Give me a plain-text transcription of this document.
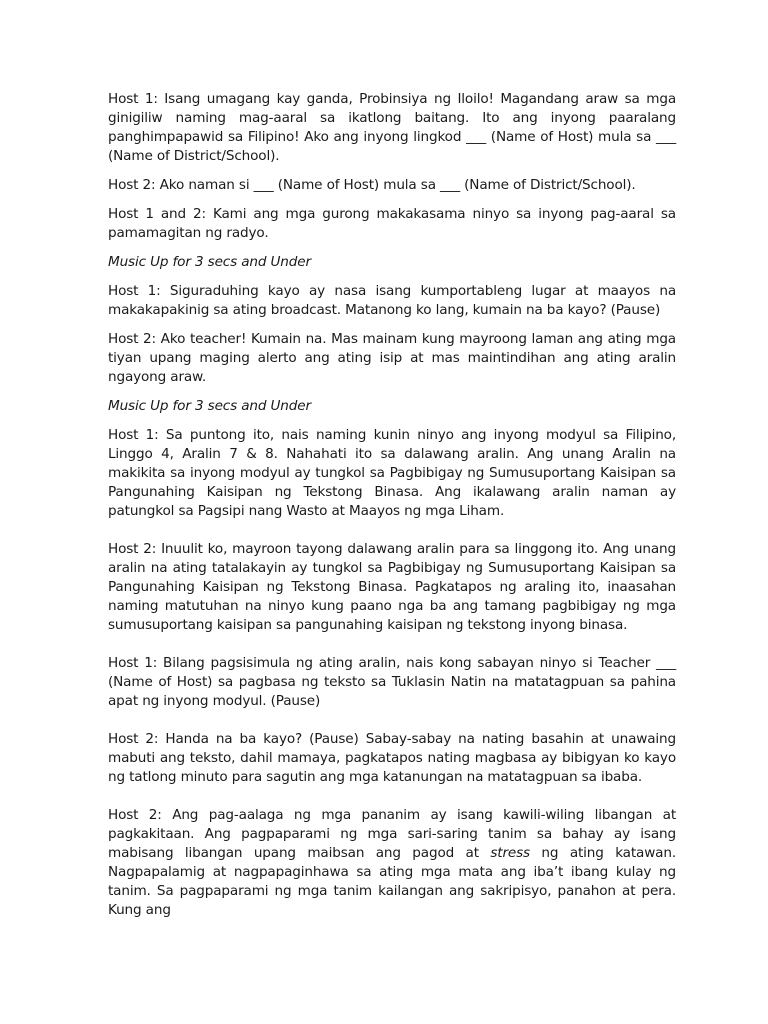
Host 1: Isang umagang kay ganda, Probinsiya ng Iloilo! Magandang araw sa mga ginigiliw naming mag-aaral sa ikatlong baitang. Ito ang inyong paaralang panghimpapawid sa Filipino! Ako ang inyong lingkod ___ (Name of Host) mula sa ___ (Name of District/School).

Host 2: Ako naman si ___ (Name of Host) mula sa ___ (Name of District/School).

Host 1 and 2: Kami ang mga gurong makakasama ninyo sa inyong pag-aaral sa pamamagitan ng radyo.

Music Up for 3 secs and Under

Host 1: Siguraduhing kayo ay nasa isang kumportableng lugar at maayos na makakapakinig sa ating broadcast. Matanong ko lang, kumain na ba kayo? (Pause)

Host 2: Ako teacher! Kumain na. Mas mainam kung mayroong laman ang ating mga tiyan upang maging alerto ang ating isip at mas maintindihan ang ating aralin ngayong araw.

Music Up for 3 secs and Under

Host 1: Sa puntong ito, nais naming kunin ninyo ang inyong modyul sa Filipino, Linggo 4, Aralin 7 & 8. Nahahati ito sa dalawang aralin. Ang unang Aralin na makikita sa inyong modyul ay tungkol sa Pagbibigay ng Sumusuportang Kaisipan sa Pangunahing Kaisipan ng Tekstong Binasa. Ang ikalawang aralin naman ay patungkol sa Pagsipi nang Wasto at Maayos ng mga Liham.

Host 2: Inuulit ko, mayroon tayong dalawang aralin para sa linggong ito. Ang unang aralin na ating tatalakayin ay tungkol sa Pagbibigay ng Sumusuportang Kaisipan sa Pangunahing Kaisipan ng Tekstong Binasa. Pagkatapos ng araling ito, inaasahan naming matutuhan na ninyo kung paano nga ba ang tamang pagbibigay ng mga sumusuportang kaisipan sa pangunahing kaisipan ng tekstong inyong binasa.

Host 1: Bilang pagsisimula ng ating aralin, nais kong sabayan ninyo si Teacher ___ (Name of Host) sa pagbasa ng teksto sa Tuklasin Natin na matatagpuan sa pahina apat ng inyong modyul. (Pause)

Host 2: Handa na ba kayo? (Pause) Sabay-sabay na nating basahin at unawaing mabuti ang teksto, dahil mamaya, pagkatapos nating magbasa ay bibigyan ko kayo ng tatlong minuto para sagutin ang mga katanungan na matatagpuan sa ibaba.

Host 2: Ang pag-aalaga ng mga pananim ay isang kawili-wiling libangan at pagkakitaan. Ang pagpaparami ng mga sari-saring tanim sa bahay ay isang mabisang libangan upang maibsan ang pagod at stress ng ating katawan. Nagpapalamig at nagpapaginhawa sa ating mga mata ang iba’t ibang kulay ng tanim. Sa pagpaparami ng mga tanim kailangan ang sakripisyo, panahon at pera. Kung ang
